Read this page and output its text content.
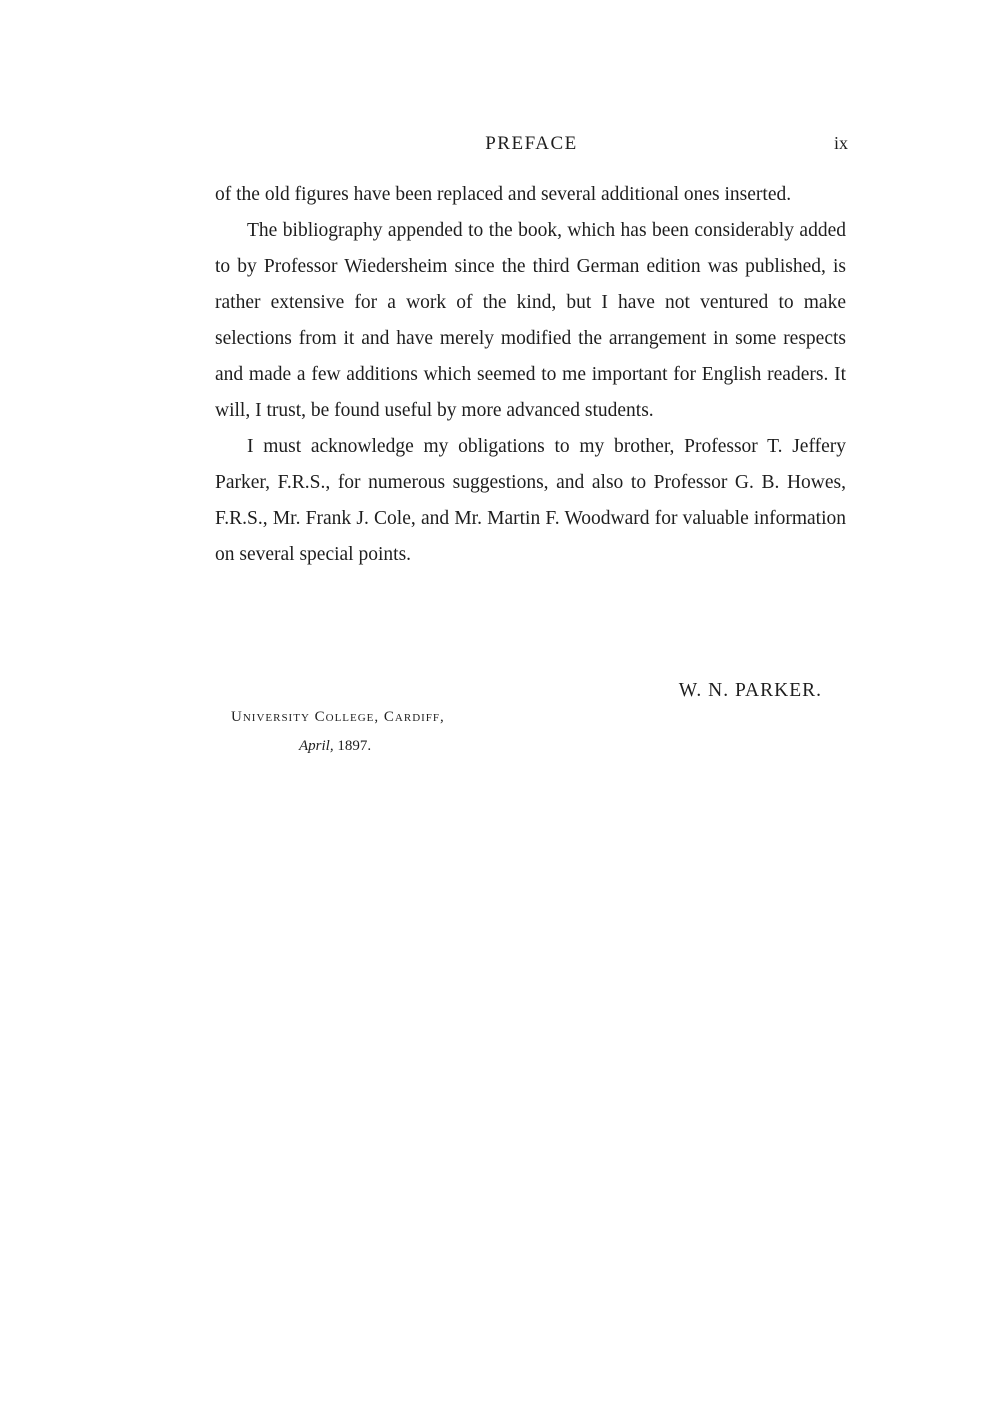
PREFACE	ix

of the old figures have been replaced and several additional ones inserted.

The bibliography appended to the book, which has been considerably added to by Professor Wiedersheim since the third German edition was published, is rather extensive for a work of the kind, but I have not ventured to make selections from it and have merely modified the arrangement in some respects and made a few additions which seemed to me important for English readers. It will, I trust, be found useful by more advanced students.

I must acknowledge my obligations to my brother, Professor T. Jeffery Parker, F.R.S., for numerous suggestions, and also to Professor G. B. Howes, F.R.S., Mr. Frank J. Cole, and Mr. Martin F. Woodward for valuable information on several special points.

W. N. PARKER.
University College, Cardiff,
April, 1897.
